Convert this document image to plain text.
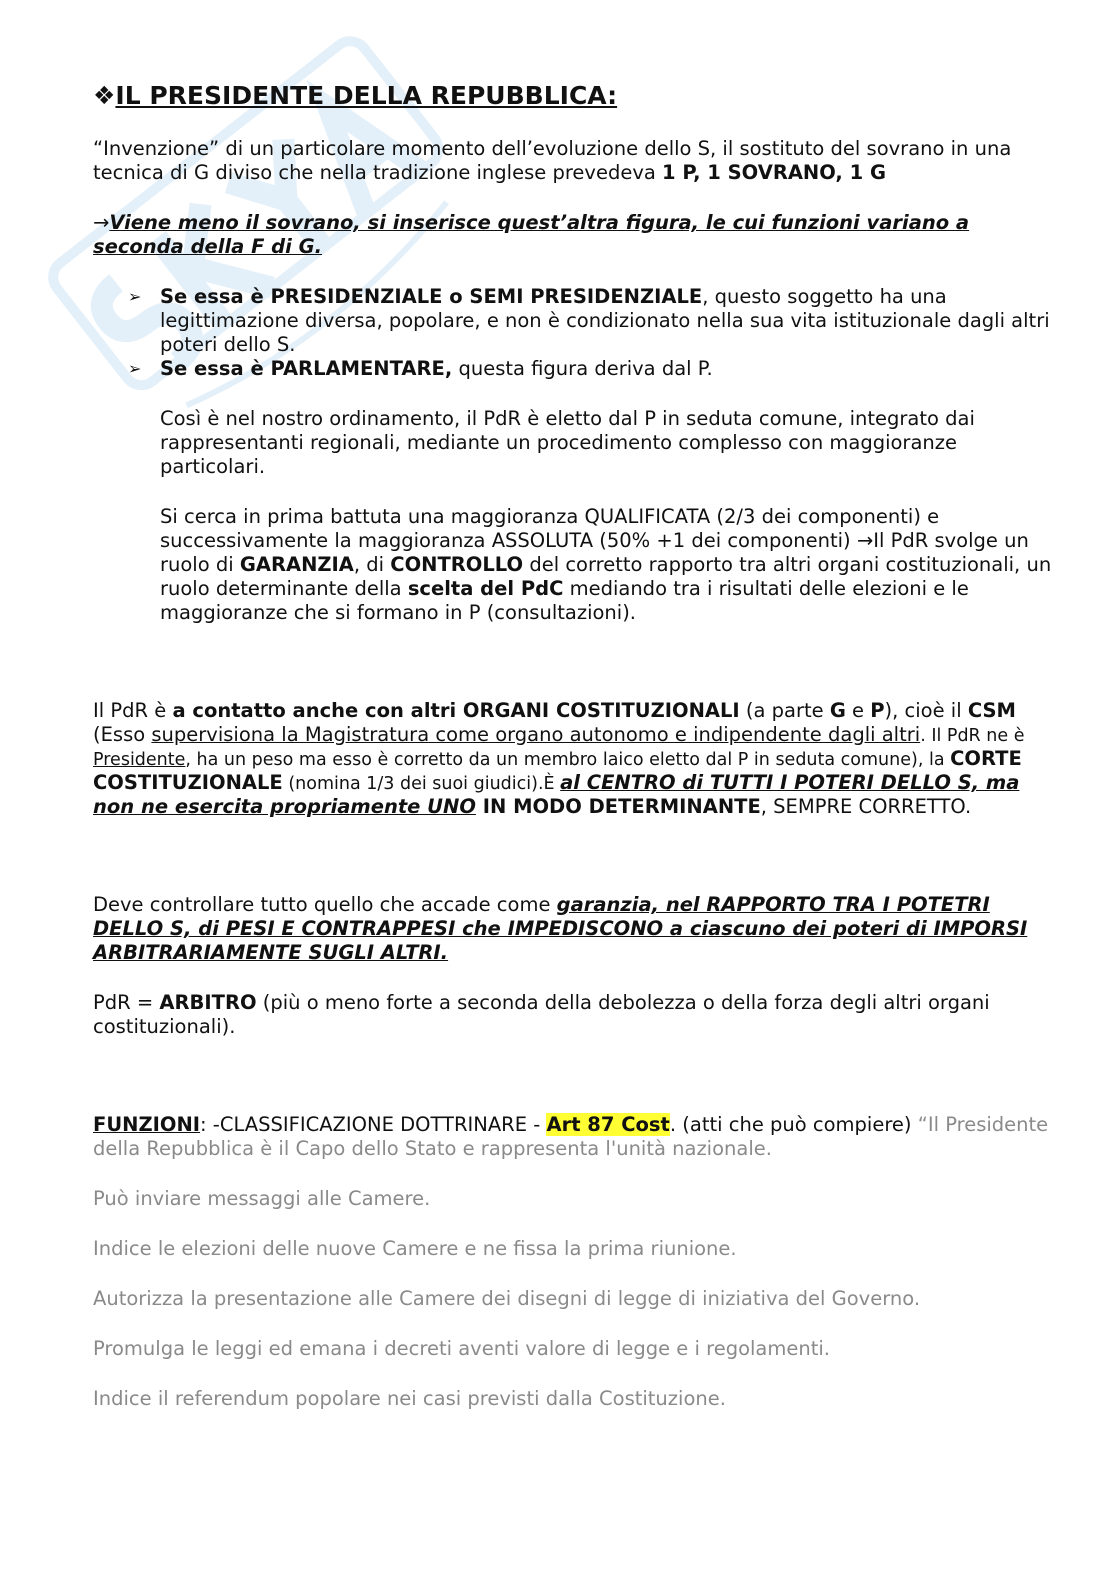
❖IL PRESIDENTE DELLA REPUBBLICA:

“Invenzione” di un particolare momento dell’evoluzione dello S, il sostituto del sovrano in una tecnica di G diviso che nella tradizione inglese prevedeva 1 P, 1 SOVRANO, 1 G

→Viene meno il sovrano, si inserisce quest’altra figura, le cui funzioni variano a seconda della F di G.

➢ Se essa è PRESIDENZIALE o SEMI PRESIDENZIALE, questo soggetto ha una legittimazione diversa, popolare, e non è condizionato nella sua vita istituzionale dagli altri poteri dello S.
➢ Se essa è PARLAMENTARE, questa figura deriva dal P.

Così è nel nostro ordinamento, il PdR è eletto dal P in seduta comune, integrato dai rappresentanti regionali, mediante un procedimento complesso con maggioranze particolari.

Si cerca in prima battuta una maggioranza QUALIFICATA (2/3 dei componenti) e successivamente la maggioranza ASSOLUTA (50% +1 dei componenti) →Il PdR svolge un ruolo di GARANZIA, di CONTROLLO del corretto rapporto tra altri organi costituzionali, un ruolo determinante della scelta del PdC mediando tra i risultati delle elezioni e le maggioranze che si formano in P (consultazioni).

Il PdR è a contatto anche con altri ORGANI COSTITUZIONALI (a parte G e P), cioè il CSM (Esso supervisiona la Magistratura come organo autonomo e indipendente dagli altri. Il PdR ne è Presidente, ha un peso ma esso è corretto da un membro laico eletto dal P in seduta comune), la CORTE COSTITUZIONALE (nomina 1/3 dei suoi giudici).È al CENTRO di TUTTI I POTERI DELLO S, ma non ne esercita propriamente UNO IN MODO DETERMINANTE, SEMPRE CORRETTO.

Deve controllare tutto quello che accade come garanzia, nel RAPPORTO TRA I POTETRI DELLO S, di PESI E CONTRAPPESI che IMPEDISCONO a ciascuno dei poteri di IMPORSI ARBITRARIAMENTE SUGLI ALTRI.

PdR = ARBITRO (più o meno forte a seconda della debolezza o della forza degli altri organi costituzionali).

FUNZIONI: -CLASSIFICAZIONE DOTTRINARE - Art 87 Cost. (atti che può compiere) “Il Presidente della Repubblica è il Capo dello Stato e rappresenta l'unità nazionale.

Può inviare messaggi alle Camere.

Indice le elezioni delle nuove Camere e ne fissa la prima riunione.

Autorizza la presentazione alle Camere dei disegni di legge di iniziativa del Governo.

Promulga le leggi ed emana i decreti aventi valore di legge e i regolamenti.

Indice il referendum popolare nei casi previsti dalla Costituzione.
